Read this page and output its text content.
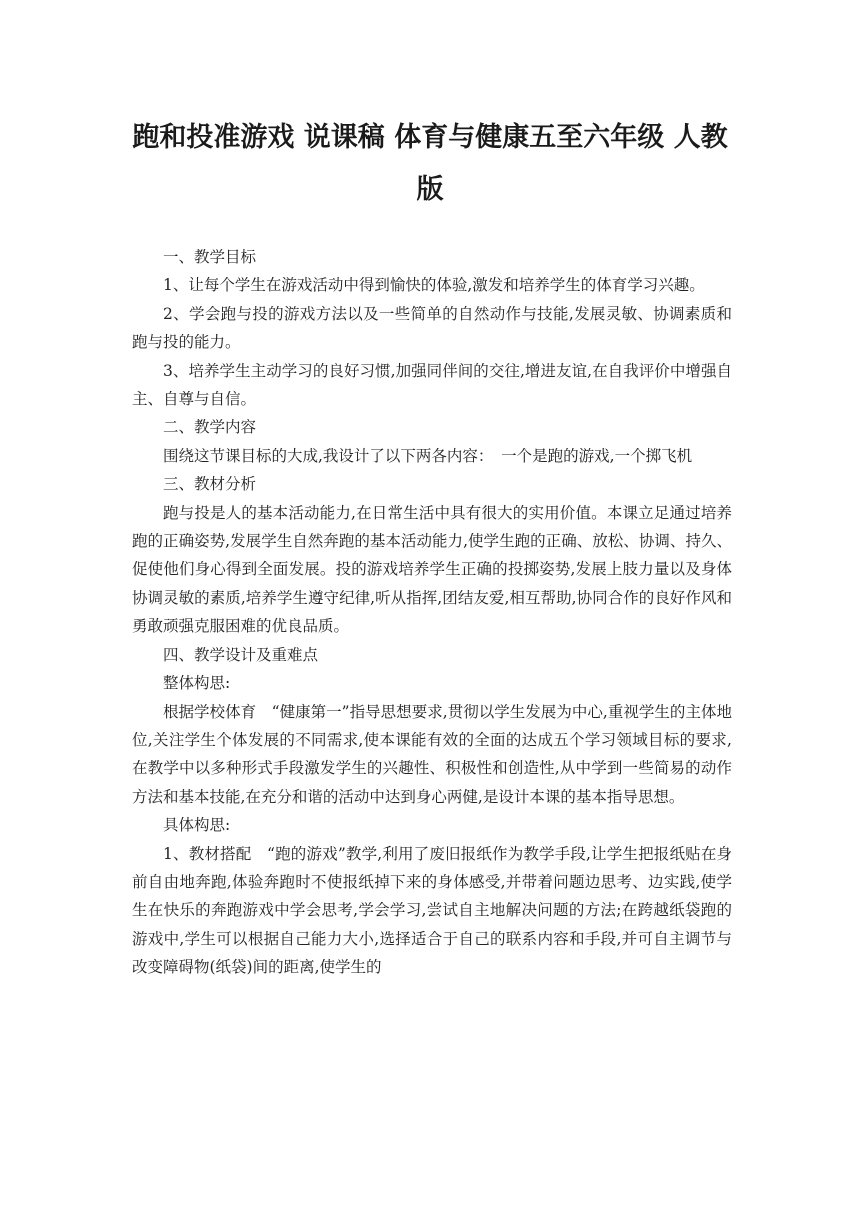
跑和投准游戏 说课稿 体育与健康五至六年级 人教版

一、教学目标

1、让每个学生在游戏活动中得到愉快的体验,激发和培养学生的体育学习兴趣。

2、学会跑与投的游戏方法以及一些简单的自然动作与技能,发展灵敏、协调素质和跑与投的能力。

3、培养学生主动学习的良好习惯,加强同伴间的交往,增进友谊,在自我评价中增强自主、自尊与自信。

二、教学内容

围绕这节课目标的大成,我设计了以下两各内容：　一个是跑的游戏,一个掷飞机

三、教材分析

跑与投是人的基本活动能力,在日常生活中具有很大的实用价值。本课立足通过培养跑的正确姿势,发展学生自然奔跑的基本活动能力,使学生跑的正确、放松、协调、持久、促使他们身心得到全面发展。投的游戏培养学生正确的投掷姿势,发展上肢力量以及身体协调灵敏的素质,培养学生遵守纪律,听从指挥,团结友爱,相互帮助,协同合作的良好作风和勇敢顽强克服困难的优良品质。

四、教学设计及重难点

整体构思:

根据学校体育　“健康第一”指导思想要求,贯彻以学生发展为中心,重视学生的主体地位,关注学生个体发展的不同需求,使本课能有效的全面的达成五个学习领域目标的要求,在教学中以多种形式手段激发学生的兴趣性、积极性和创造性,从中学到一些简易的动作方法和基本技能,在充分和谐的活动中达到身心两健,是设计本课的基本指导思想。

具体构思:

1、教材搭配　“跑的游戏”教学,利用了废旧报纸作为教学手段,让学生把报纸贴在身前自由地奔跑,体验奔跑时不使报纸掉下来的身体感受,并带着问题边思考、边实践,使学生在快乐的奔跑游戏中学会思考,学会学习,尝试自主地解决问题的方法;在跨越纸袋跑的游戏中,学生可以根据自己能力大小,选择适合于自己的联系内容和手段,并可自主调节与改变障碍物(纸袋)间的距离,使学生的
